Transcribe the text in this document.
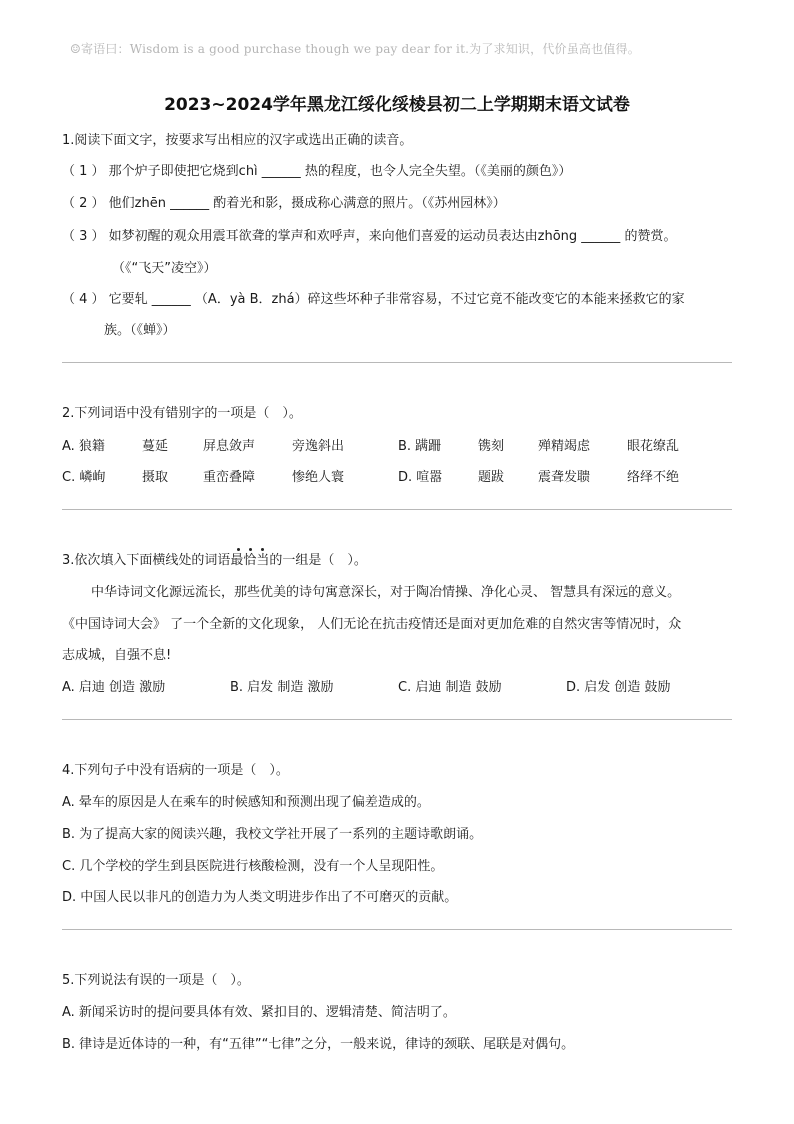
☺寄语曰：Wisdom is a good purchase though we pay dear for it.为了求知识，代价虽高也值得。
2023~2024学年黑龙江绥化绥棱县初二上学期期末语文试卷
1.阅读下面文字，按要求写出相应的汉字或选出正确的读音。
（ 1 ） 那个炉子即使把它烧到chì ______ 热的程度，也令人完全失望。（《美丽的颜色》）
（ 2 ） 他们zhēn ______ 酌着光和影，摄成称心满意的照片。（《苏州园林》）
（ 3 ） 如梦初醒的观众用震耳欲聋的掌声和欢呼声，来向他们喜爱的运动员表达由zhōng ______ 的赞赏。
（《“飞天”凌空》）
（ 4 ） 它要轧 ______ （A．yà B．zhá）碎这些坏种子非常容易，不过它竟不能改变它的本能来拯救它的家
族。（《蝉》）
2.下列词语中没有错别字的一项是（　）。
A. 狼籍	蔓延	屏息敛声	旁逸斜出	B. 蹒跚	镌刻	殚精竭虑	眼花缭乱
C. 嶙峋	摄取	重峦叠障	惨绝人寰	D. 喧嚣	题跋	震聋发聩	络绎不绝
3.依次填入下面横线处的词语最恰当
的一组是（　）。
中华诗词文化源远流长，那些优美的诗句寓意深长，对于陶冶情操、净化心灵、 智慧具有深远的意义。
《中国诗词大会》 了一个全新的文化现象， 人们无论在抗击疫情还是面对更加危难的自然灾害等情况时，众
志成城，自强不息!
A. 启迪 创造 激励	B. 启发 制造 激励	C. 启迪 制造 鼓励	D. 启发 创造 鼓励
4.下列句子中没有语病的一项是（　）。
A. 晕车的原因是人在乘车的时候感知和预测出现了偏差造成的。
B. 为了提高大家的阅读兴趣，我校文学社开展了一系列的主题诗歌朗诵。
C. 几个学校的学生到县医院进行核酸检测，没有一个人呈现阳性。
D. 中国人民以非凡的创造力为人类文明进步作出了不可磨灭的贡献。
5.下列说法有误的一项是（　）。
A. 新闻采访时的提问要具体有效、紧扣目的、逻辑清楚、简洁明了。
B. 律诗是近体诗的一种，有“五律”“七律”之分，一般来说，律诗的颈联、尾联是对偶句。
